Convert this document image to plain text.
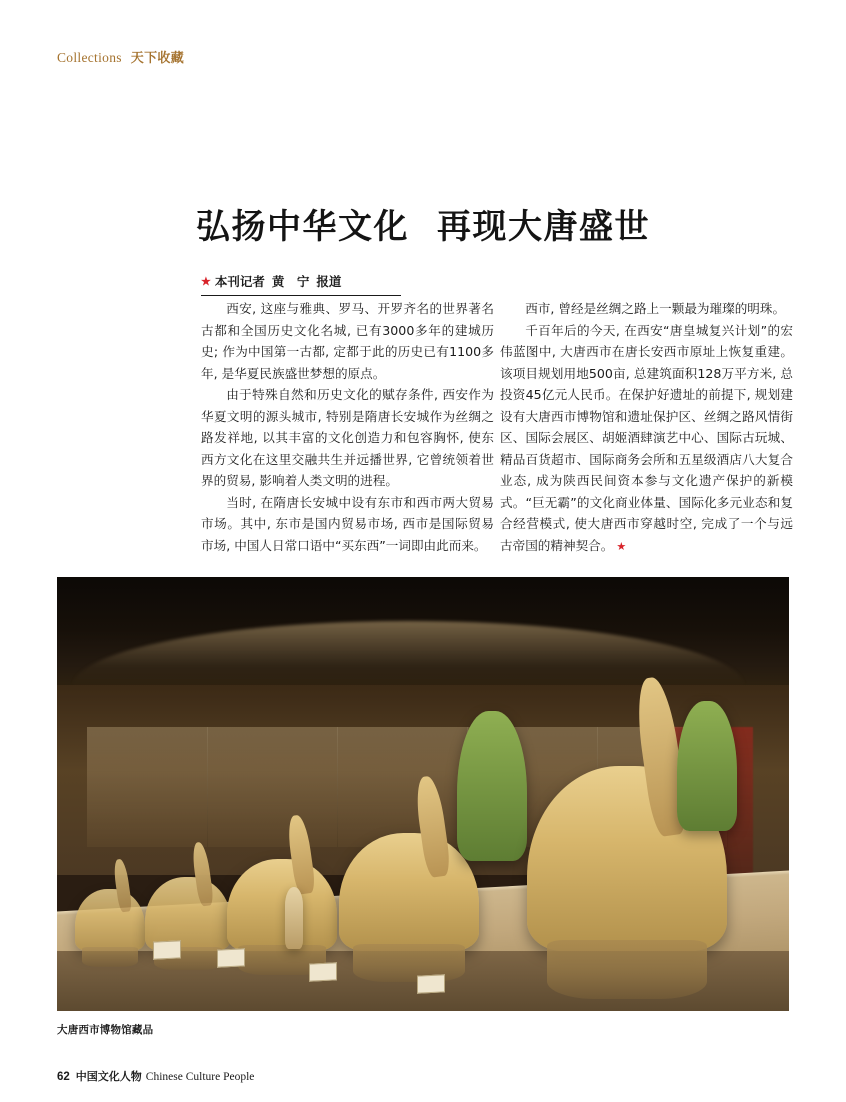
Collections 天下收藏
弘扬中华文化 再现大唐盛世
★ 本刊记者 黄　宁 报道

西安, 这座与雅典、罗马、开罗齐名的世界著名古都和全国历史文化名城, 已有3000多年的建城历史; 作为中国第一古都, 定都于此的历史已有1100多年, 是华夏民族盛世梦想的原点。

由于特殊自然和历史文化的赋存条件, 西安作为华夏文明的源头城市, 特别是隋唐长安城作为丝绸之路发祥地, 以其丰富的文化创造力和包容胸怀, 使东西方文化在这里交融共生并远播世界, 它曾统领着世界的贸易, 影响着人类文明的进程。

当时, 在隋唐长安城中设有东市和西市两大贸易市场。其中, 东市是国内贸易市场, 西市是国际贸易市场, 中国人日常口语中“买东西”一词即由此而来。

西市, 曾经是丝绸之路上一颗最为璀璨的明珠。

千百年后的今天, 在西安“唐皇城复兴计划”的宏伟蓝图中, 大唐西市在唐长安西市原址上恢复重建。该项目规划用地500亩, 总建筑面积128万平方米, 总投资45亿元人民币。在保护好遗址的前提下, 规划建设有大唐西市博物馆和遗址保护区、丝绸之路风情街区、国际会展区、胡姬酒肆演艺中心、国际古玩城、精品百货超市、国际商务会所和五星级酒店八大复合业态, 成为陕西民间资本参与文化遗产保护的新模式。“巨无霸”的文化商业体量、国际化多元业态和复合经营模式, 使大唐西市穿越时空, 完成了一个与远古帝国的精神契合。 ★

大唐西市博物馆藏品
62 中国文化人物 Chinese Culture People
